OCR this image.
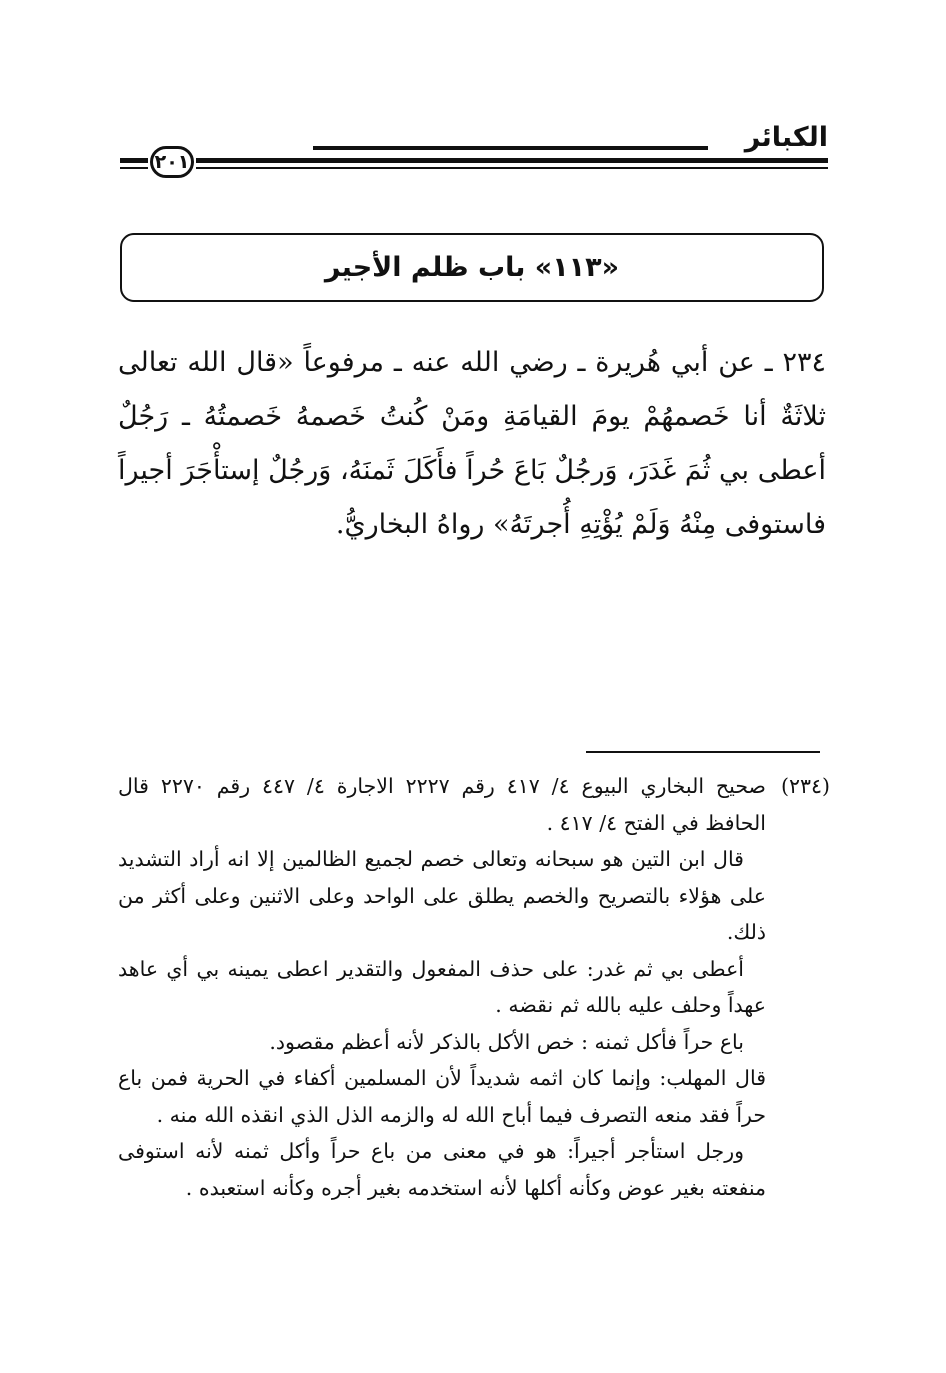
الكبائر
٢٠١
«١١٣» باب ظلم الأجير

٢٣٤ ـ عن أبي هُريرة ـ رضي الله عنه ـ مرفوعاً «قال الله تعالى ثلاثَةٌ أنا خَصمهُمْ يومَ القيامَةِ ومَنْ كُنتُ خَصمهُ خَصمتُهُ ـ رَجُلٌ أعطى بي ثُمَ غَدَرَ، وَرجُلٌ بَاعَ حُراً فأَكَلَ ثَمنَهُ، وَرجُلٌ إستأْجَرَ أجيراً فاستوفى مِنْهُ وَلَمْ يُؤْتِهِ أُجرتَهُ» رواهُ البخاريُّ.

(٢٣٤)
صحيح البخاري البيوع ٤/ ٤١٧ رقم ٢٢٢٧ الاجارة ٤/ ٤٤٧ رقم ٢٢٧٠ قال الحافظ في الفتح ٤/ ٤١٧ .

قال ابن التين هو سبحانه وتعالى خصم لجميع الظالمين إلا انه أراد التشديد على هؤلاء بالتصريح والخصم يطلق على الواحد وعلى الاثنين وعلى أكثر من ذلك.

أعطى بي ثم غدر: على حذف المفعول والتقدير اعطى يمينه بي أي عاهد عهداً وحلف عليه بالله ثم نقضه .

باع حراً فأكل ثمنه : خص الأكل بالذكر لأنه أعظم مقصود.

قال المهلب: وإنما كان اثمه شديداً لأن المسلمين أكفاء في الحرية فمن باع حراً فقد منعه التصرف فيما أباح الله له والزمه الذل الذي انقذه الله منه .

ورجل استأجر أجيراً: هو في معنى من باع حراً وأكل ثمنه لأنه استوفى منفعته بغير عوض وكأنه أكلها لأنه استخدمه بغير أجره وكأنه استعبده .
